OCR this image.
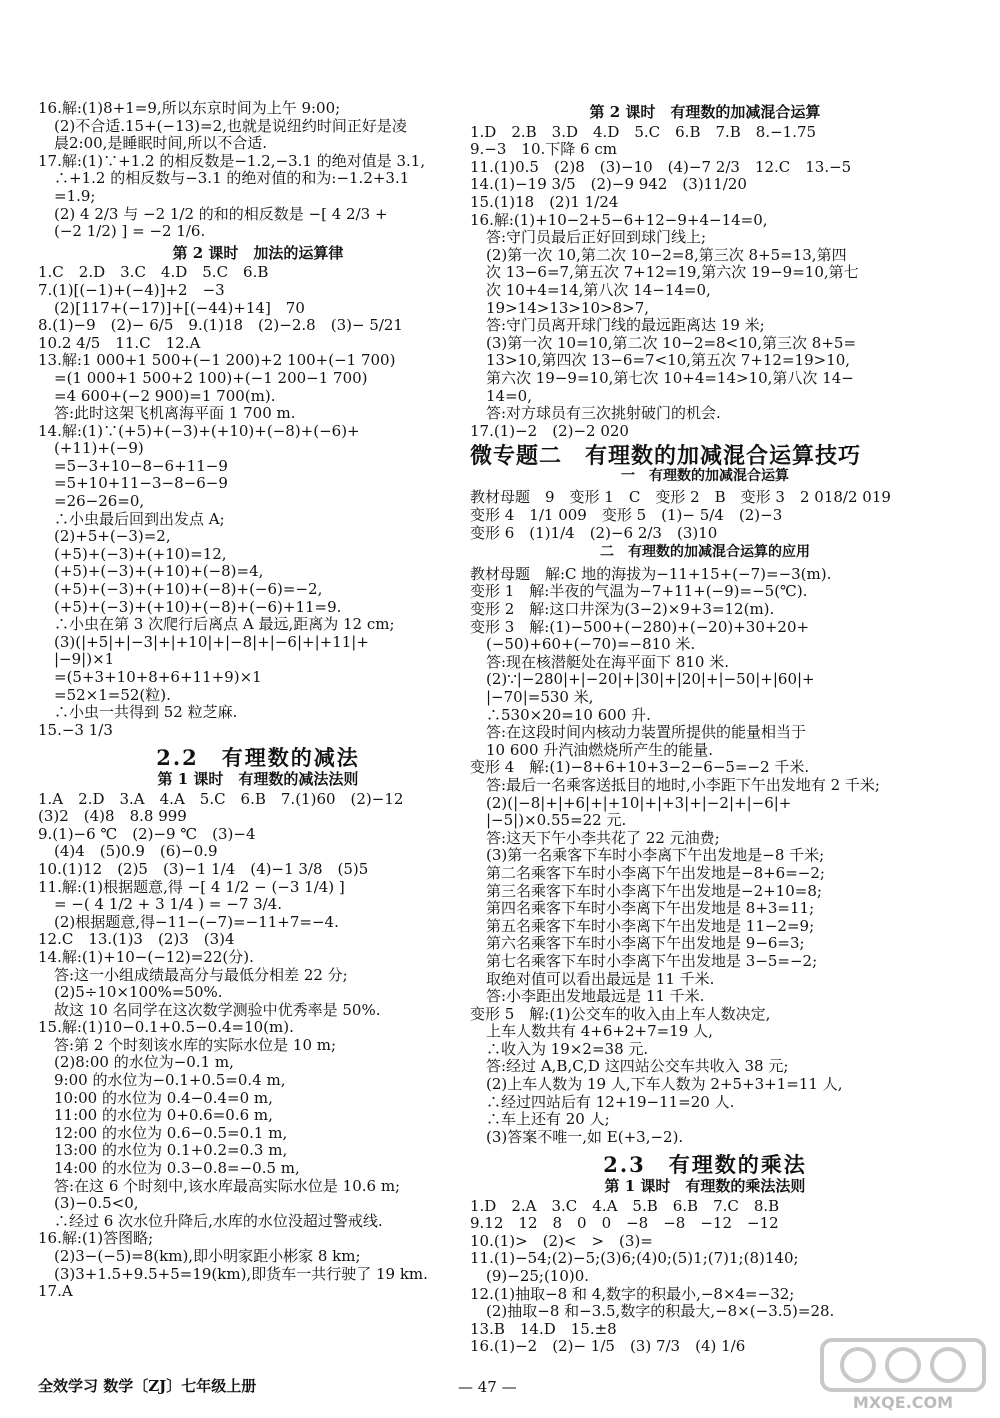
16.解:(1)8+1=9,所以东京时间为上午 9:00;
(2)不合适.15+(−13)=2,也就是说纽约时间正好是凌
晨2:00,是睡眠时间,所以不合适.
17.解:(1)∵+1.2 的相反数是−1.2,−3.1 的绝对值是 3.1,
∴+1.2 的相反数与−3.1 的绝对值的和为:−1.2+3.1
=1.9;
(2) 4 2/3 与 −2 1/2 的和的相反数是 −[ 4 2/3 +
(−2 1/2) ] = −2 1/6.
第 2 课时　加法的运算律
1.C　2.D　3.C　4.D　5.C　6.B
7.(1)[(−1)+(−4)]+2　−3
(2)[117+(−17)]+[(−44)+14]　70
8.(1)−9　(2)− 6/5　9.(1)18　(2)−2.8　(3)− 5/21
10.2 4/5　11.C　12.A
13.解:1 000+1 500+(−1 200)+2 100+(−1 700)
=(1 000+1 500+2 100)+(−1 200−1 700)
=4 600+(−2 900)=1 700(m).
答:此时这架飞机离海平面 1 700 m.
14.解:(1)∵(+5)+(−3)+(+10)+(−8)+(−6)+
(+11)+(−9)
=5−3+10−8−6+11−9
=5+10+11−3−8−6−9
=26−26=0,
∴小虫最后回到出发点 A;
(2)+5+(−3)=2,
(+5)+(−3)+(+10)=12,
(+5)+(−3)+(+10)+(−8)=4,
(+5)+(−3)+(+10)+(−8)+(−6)=−2,
(+5)+(−3)+(+10)+(−8)+(−6)+11=9.
∴小虫在第 3 次爬行后离点 A 最远,距离为 12 cm;
(3)(|+5|+|−3|+|+10|+|−8|+|−6|+|+11|+
|−9|)×1
=(5+3+10+8+6+11+9)×1
=52×1=52(粒).
∴小虫一共得到 52 粒芝麻.
15.−3 1/3
2.2　有理数的减法
第 1 课时　有理数的减法法则
1.A　2.D　3.A　4.A　5.C　6.B　7.(1)60　(2)−12
(3)2　(4)8　8.8 999
9.(1)−6 ℃　(2)−9 ℃　(3)−4
(4)4　(5)0.9　(6)−0.9
10.(1)12　(2)5　(3)−1 1/4　(4)−1 3/8　(5)5
11.解:(1)根据题意,得 −[ 4 1/2 − (−3 1/4) ]
= −( 4 1/2 + 3 1/4 ) = −7 3/4.
(2)根据题意,得−11−(−7)=−11+7=−4.
12.C　13.(1)3　(2)3　(3)4
14.解:(1)+10−(−12)=22(分).
答:这一小组成绩最高分与最低分相差 22 分;
(2)5÷10×100%=50%.
故这 10 名同学在这次数学测验中优秀率是 50%.
15.解:(1)10−0.1+0.5−0.4=10(m).
答:第 2 个时刻该水库的实际水位是 10 m;
(2)8:00 的水位为−0.1 m,
9:00 的水位为−0.1+0.5=0.4 m,
10:00 的水位为 0.4−0.4=0 m,
11:00 的水位为 0+0.6=0.6 m,
12:00 的水位为 0.6−0.5=0.1 m,
13:00 的水位为 0.1+0.2=0.3 m,
14:00 的水位为 0.3−0.8=−0.5 m,
答:在这 6 个时刻中,该水库最高实际水位是 10.6 m;
(3)−0.5<0,
∴经过 6 次水位升降后,水库的水位没超过警戒线.
16.解:(1)答图略;
(2)3−(−5)=8(km),即小明家距小彬家 8 km;
(3)3+1.5+9.5+5=19(km),即货车一共行驶了 19 km.
17.A
第 2 课时　有理数的加减混合运算
1.D　2.B　3.D　4.D　5.C　6.B　7.B　8.−1.75
9.−3　10.下降 6 cm
11.(1)0.5　(2)8　(3)−10　(4)−7 2/3　12.C　13.−5
14.(1)−19 3/5　(2)−9 942　(3)11/20
15.(1)18　(2)1 1/24
16.解:(1)+10−2+5−6+12−9+4−14=0,
答:守门员最后正好回到球门线上;
(2)第一次 10,第二次 10−2=8,第三次 8+5=13,第四
次 13−6=7,第五次 7+12=19,第六次 19−9=10,第七
次 10+4=14,第八次 14−14=0,
19>14>13>10>8>7,
答:守门员离开球门线的最远距离达 19 米;
(3)第一次 10=10,第二次 10−2=8<10,第三次 8+5=
13>10,第四次 13−6=7<10,第五次 7+12=19>10,
第六次 19−9=10,第七次 10+4=14>10,第八次 14−
14=0,
答:对方球员有三次挑射破门的机会.
17.(1)−2　(2)−2 020
微专题二　有理数的加减混合运算技巧
一　有理数的加减混合运算
教材母题　9　变形 1　C　变形 2　B　变形 3　2 018/2 019
变形 4　1/1 009　变形 5　(1)− 5/4　(2)−3
变形 6　(1)1/4　(2)−6 2/3　(3)10
二　有理数的加减混合运算的应用
教材母题　解:C 地的海拔为−11+15+(−7)=−3(m).
变形 1　解:半夜的气温为−7+11+(−9)=−5(℃).
变形 2　解:这口井深为(3−2)×9+3=12(m).
变形 3　解:(1)−500+(−280)+(−20)+30+20+
(−50)+60+(−70)=−810 米.
答:现在核潜艇处在海平面下 810 米.
(2)∵|−280|+|−20|+|30|+|20|+|−50|+|60|+
|−70|=530 米,
∴530×20=10 600 升.
答:在这段时间内核动力装置所提供的能量相当于
10 600 升汽油燃烧所产生的能量.
变形 4　解:(1)−8+6+10+3−2−6−5=−2 千米.
答:最后一名乘客送抵目的地时,小李距下午出发地有 2 千米;
(2)(|−8|+|+6|+|+10|+|+3|+|−2|+|−6|+
|−5|)×0.55=22 元.
答:这天下午小李共花了 22 元油费;
(3)第一名乘客下车时小李离下午出发地是−8 千米;
第二名乘客下车时小李离下午出发地是−8+6=−2;
第三名乘客下车时小李离下午出发地是−2+10=8;
第四名乘客下车时小李离下午出发地是 8+3=11;
第五名乘客下车时小李离下午出发地是 11−2=9;
第六名乘客下车时小李离下午出发地是 9−6=3;
第七名乘客下车时小李离下午出发地是 3−5=−2;
取绝对值可以看出最远是 11 千米.
答:小李距出发地最远是 11 千米.
变形 5　解:(1)公交车的收入由上车人数决定,
上车人数共有 4+6+2+7=19 人,
∴收入为 19×2=38 元.
答:经过 A,B,C,D 这四站公交车共收入 38 元;
(2)上车人数为 19 人,下车人数为 2+5+3+1=11 人,
∴经过四站后有 12+19−11=20 人.
∴车上还有 20 人;
(3)答案不唯一,如 E(+3,−2).
2.3　有理数的乘法
第 1 课时　有理数的乘法法则
1.D　2.A　3.C　4.A　5.B　6.B　7.C　8.B
9.12　12　8　0　0　−8　−8　−12　−12
10.(1)>　(2)<　>　(3)=
11.(1)−54;(2)−5;(3)6;(4)0;(5)1;(7)1;(8)140;
(9)−25;(10)0.
12.(1)抽取−8 和 4,数字的积最小,−8×4=−32;
(2)抽取−8 和−3.5,数字的积最大,−8×(−3.5)=28.
13.B　14.D　15.±8
16.(1)−2　(2)− 1/5　(3) 7/3　(4) 1/6
全效学习 数学〔ZJ〕七年级上册	— 47 —
MXQE.COM
